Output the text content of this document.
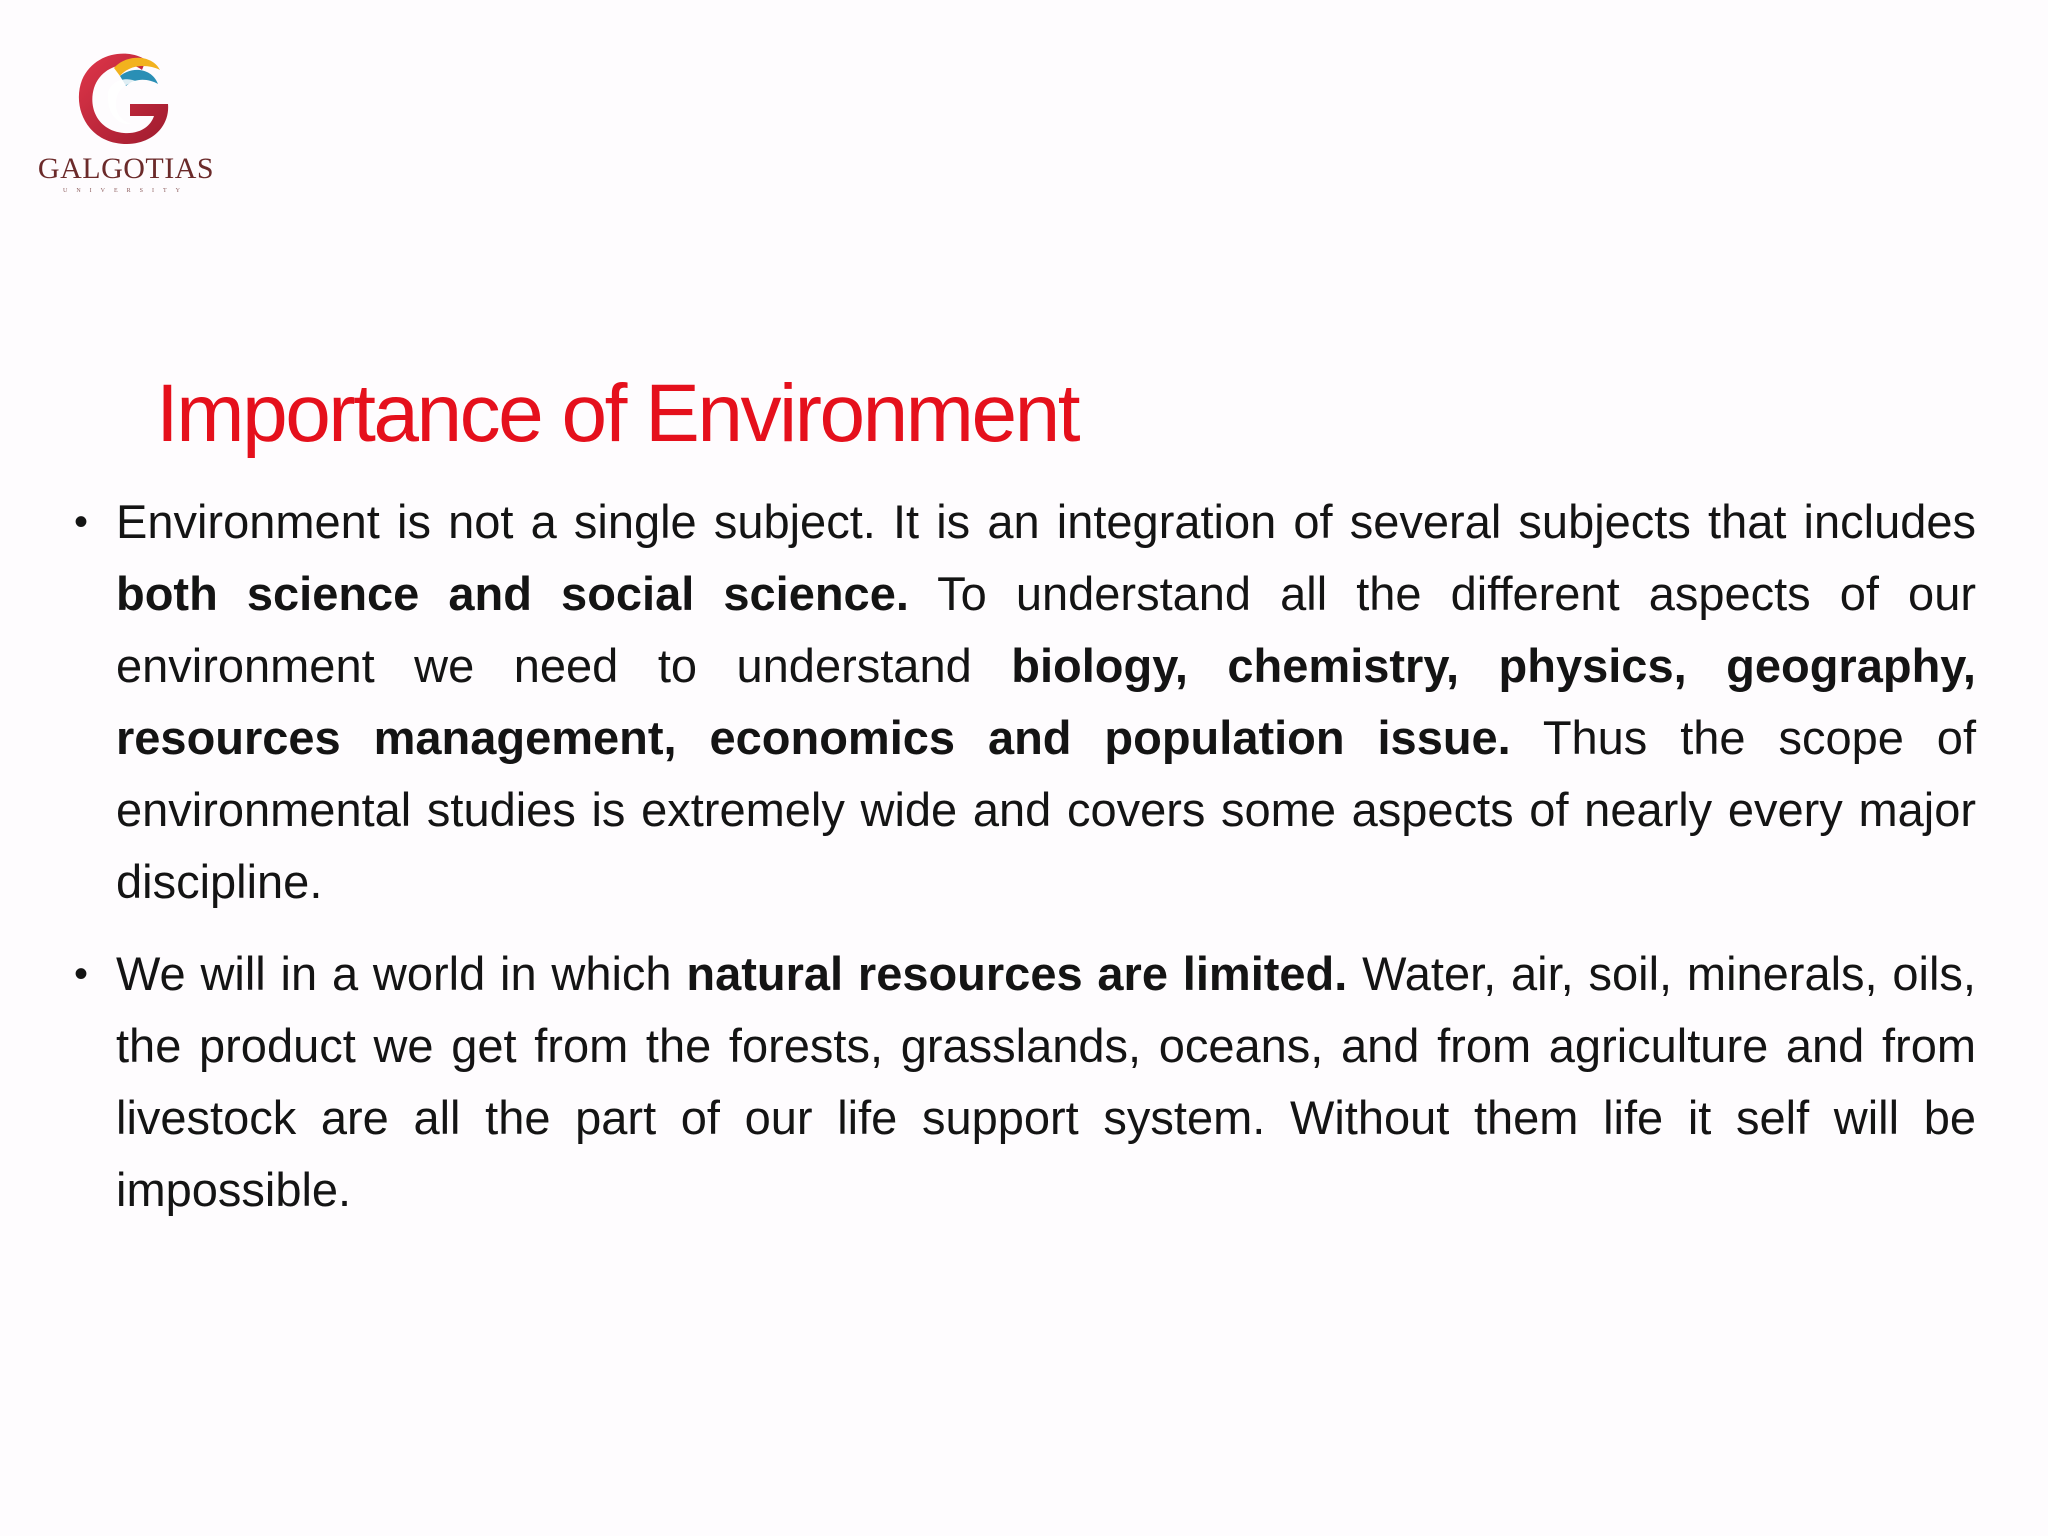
GALGOTIAS
UNIVERSITY
Importance of Environment
• Environment is not a single subject. It is an integration of several subjects that includes both science and social science. To understand all the different aspects of our environment we need to understand biology, chemistry, physics, geography, resources management, economics and population issue. Thus the scope of environmental studies is extremely wide and covers some aspects of nearly every major discipline.
• We will in a world in which natural resources are limited. Water, air, soil, minerals, oils, the product we get from the forests, grasslands, oceans, and from agriculture and from livestock are all the part of our life support system. Without them life it self will be impossible.
